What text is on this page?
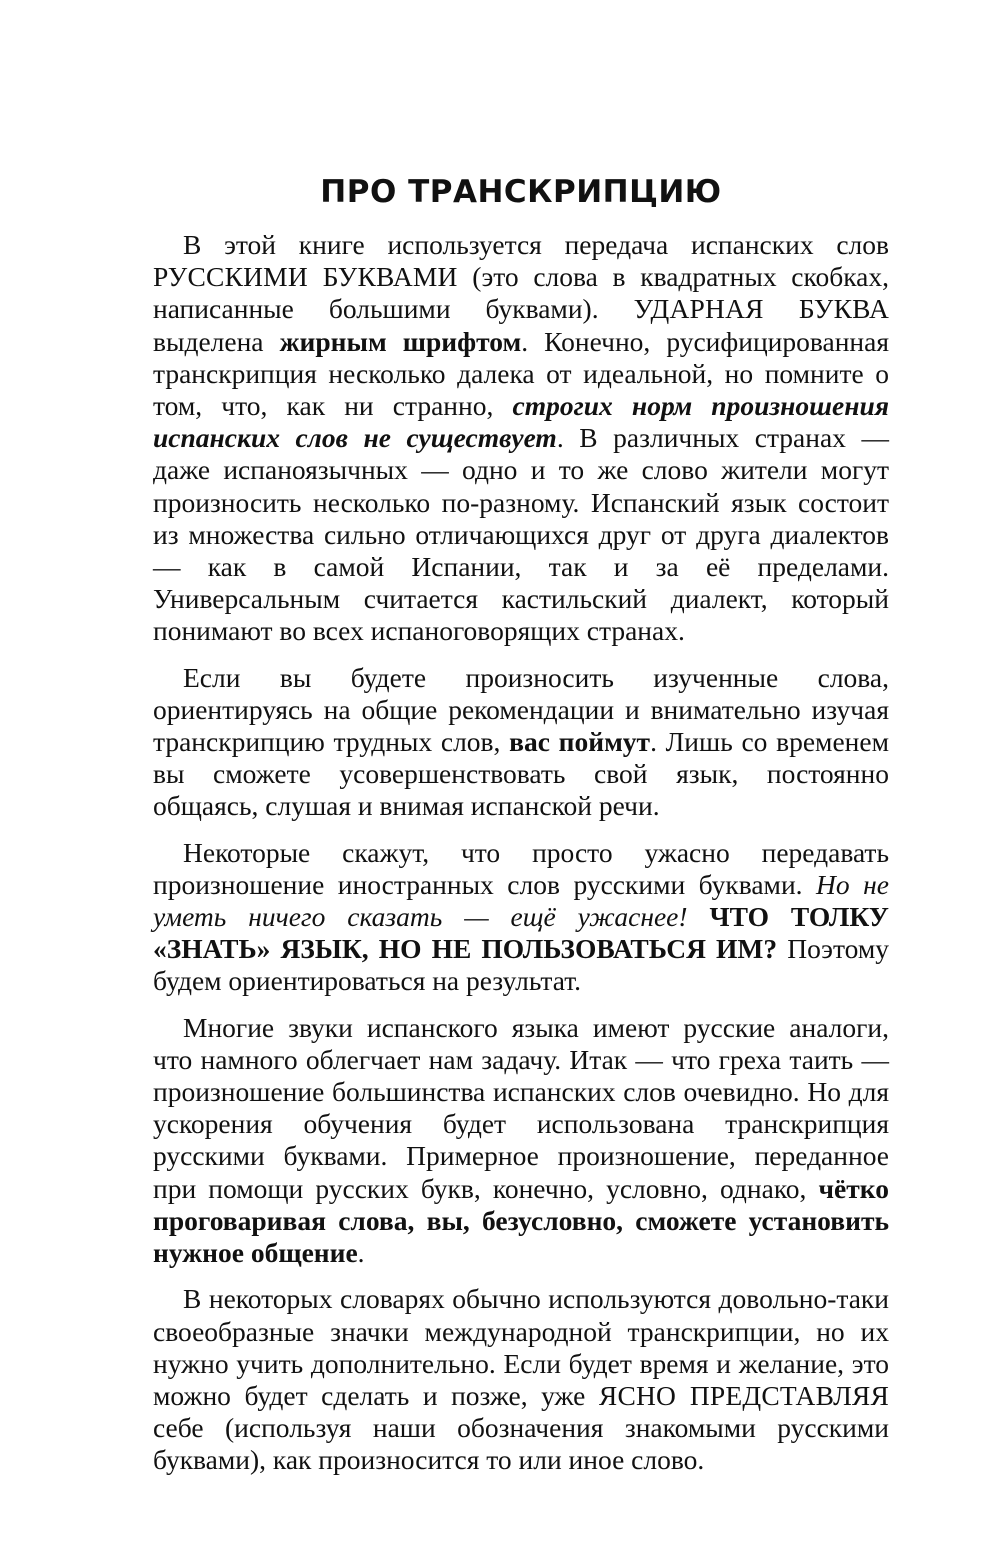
ПРО ТРАНСКРИПЦИЮ

В этой книге используется передача испанских слов РУССКИМИ БУКВАМИ (это слова в квадратных скобках, написанные большими буквами). УДАРНАЯ БУКВА выделена жирным шрифтом. Конечно, русифицированная транскрипция несколько далека от идеальной, но помните о том, что, как ни странно, строгих норм произношения испанских слов не существует. В различных странах — даже испаноязычных — одно и то же слово жители могут произносить несколько по-разному. Испанский язык состоит из множества сильно отличающихся друг от друга диалектов — как в самой Испании, так и за её пределами. Универсальным считается кастильский диалект, который понимают во всех испаноговорящих странах.

Если вы будете произносить изученные слова, ориентируясь на общие рекомендации и внимательно изучая транскрипцию трудных слов, вас поймут. Лишь со временем вы сможете усовершенствовать свой язык, постоянно общаясь, слушая и внимая испанской речи.

Некоторые скажут, что просто ужасно передавать произношение иностранных слов русскими буквами. Но не уметь ничего сказать — ещё ужаснее! ЧТО ТОЛКУ «ЗНАТЬ» ЯЗЫК, НО НЕ ПОЛЬЗОВАТЬСЯ ИМ? Поэтому будем ориентироваться на результат.

Многие звуки испанского языка имеют русские аналоги, что намного облегчает нам задачу. Итак — что греха таить — произношение большинства испанских слов очевидно. Но для ускорения обучения будет использована транскрипция русскими буквами. Примерное произношение, переданное при помощи русских букв, конечно, условно, однако, чётко проговаривая слова, вы, безусловно, сможете установить нужное общение.

В некоторых словарях обычно используются довольно-таки своеобразные значки международной транскрипции, но их нужно учить дополнительно. Если будет время и желание, это можно будет сделать и позже, уже ЯСНО ПРЕДСТАВЛЯЯ себе (используя наши обозначения знакомыми русскими буквами), как произносится то или иное слово.
